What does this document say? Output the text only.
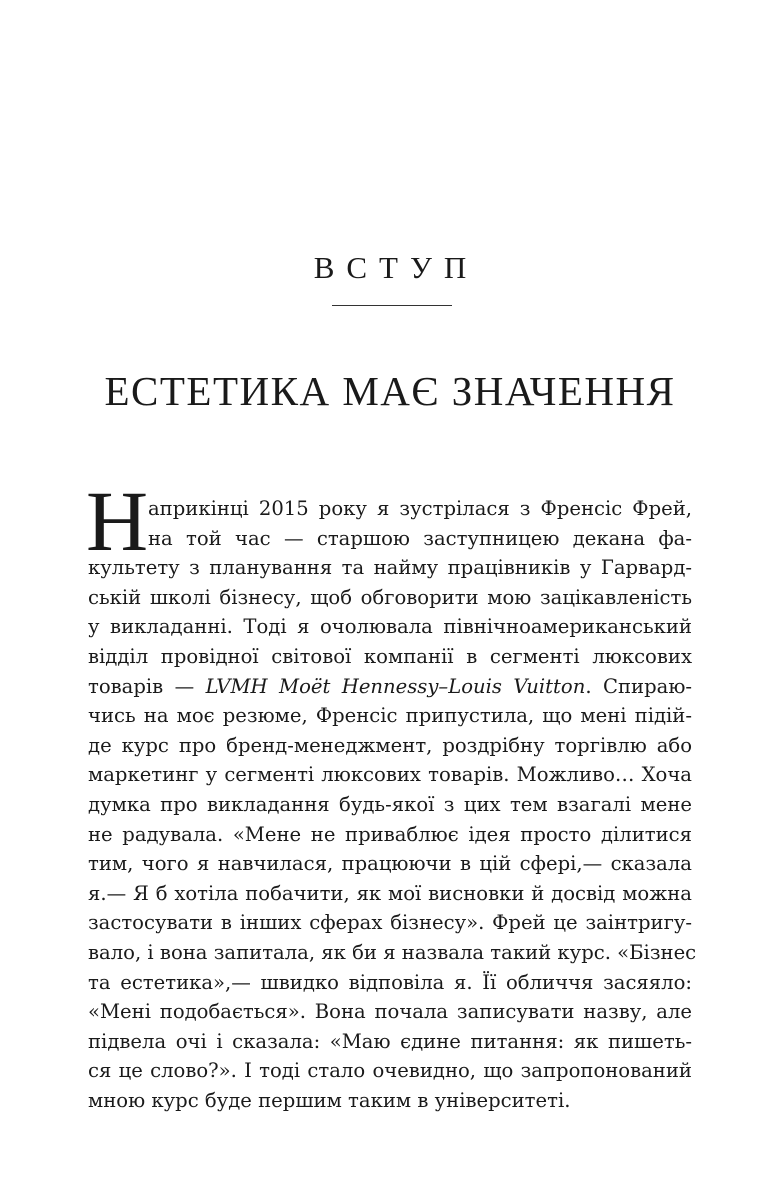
ВСТУП
ЕСТЕТИКА МАЄ ЗНАЧЕННЯ
Н априкінці 2015 року я зустрілася з Френсіс Фрей,
на той час — старшою заступницею декана фа-
культету з планування та найму працівників у Гарвард-
ській школі бізнесу, щоб обговорити мою зацікавленість
у викладанні. Тоді я очолювала північноамериканський
відділ провідної світової компанії в сегменті люксових
товарів — LVMH Moët Hennessy–Louis Vuitton. Спираю-
чись на моє резюме, Френсіс припустила, що мені підій-
де курс про бренд-менеджмент, роздрібну торгівлю або
маркетинг у сегменті люксових товарів. Можливо… Хоча
думка про викладання будь-якої з цих тем взагалі мене
не радувала. «Мене не приваблює ідея просто ділитися
тим, чого я навчилася, працюючи в цій сфері,— сказала
я.— Я б хотіла побачити, як мої висновки й досвід можна
застосувати в інших сферах бізнесу». Фрей це заінтригу-
вало, і вона запитала, як би я назвала такий курс. «Бізнес
та естетика»,— швидко відповіла я. Її обличчя засяяло:
«Мені подобається». Вона почала записувати назву, але
підвела очі і сказала: «Маю єдине питання: як пишеть-
ся це слово?». І тоді стало очевидно, що запропонований
мною курс буде першим таким в університеті.
